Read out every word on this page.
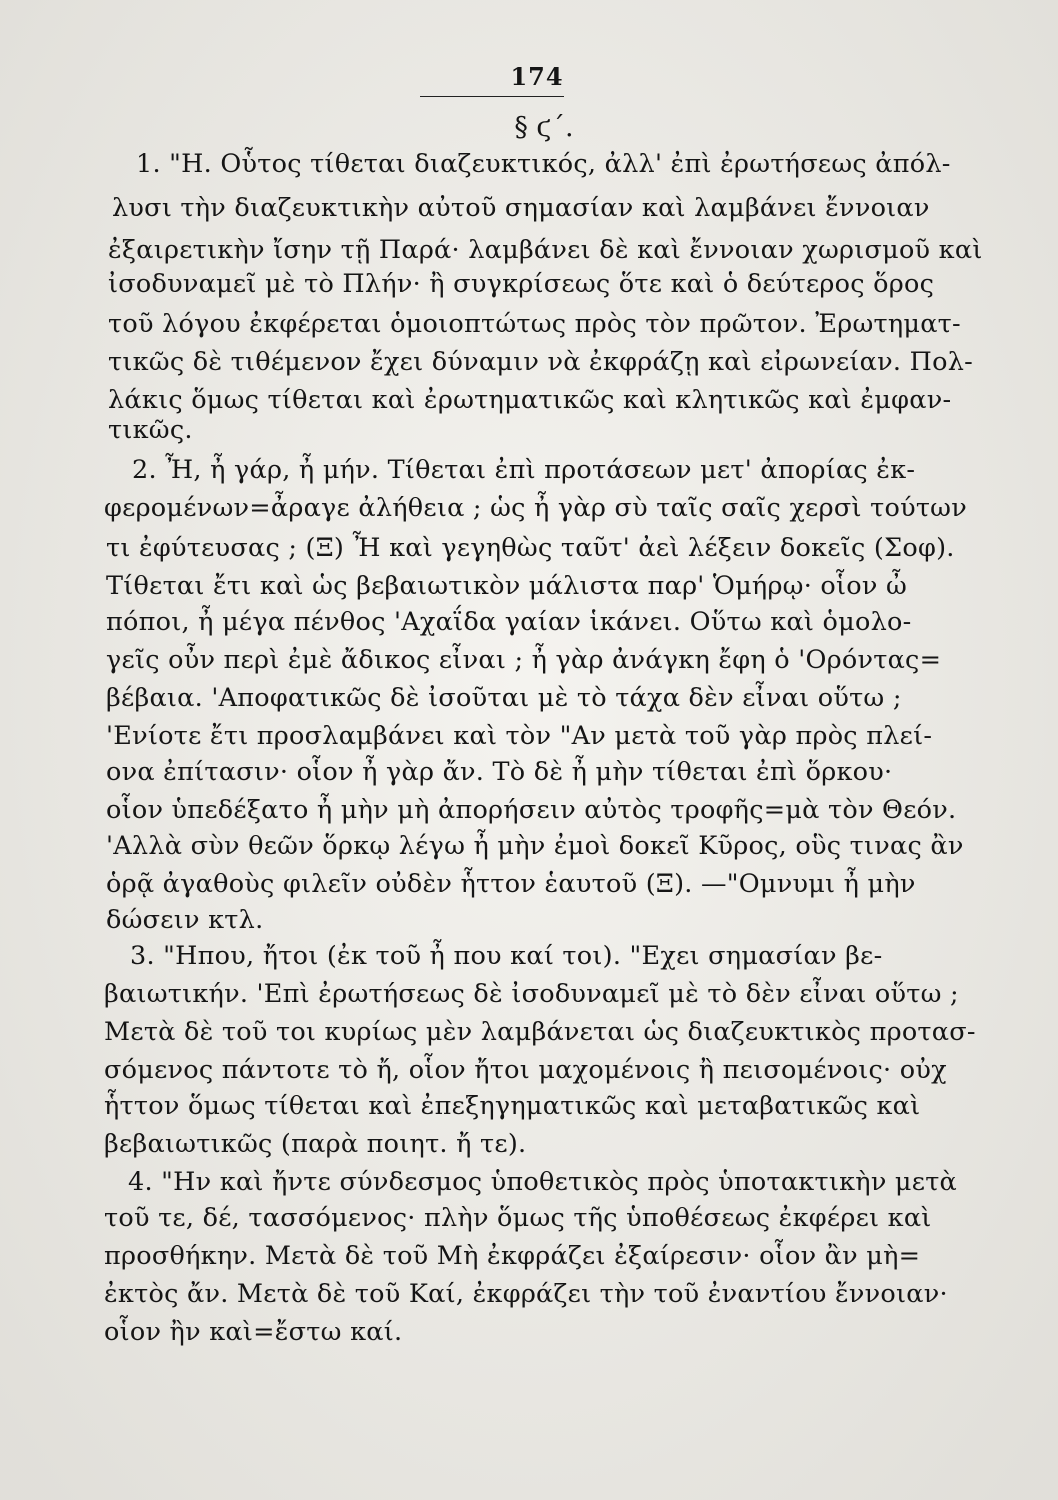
174
§ ϛ΄.
1. "Η. Οὗτος τίθεται διαζευκτικός, ἀλλ' ἐπὶ ἐρωτήσεως ἀπόλ-
λυσι τὴν διαζευκτικὴν αὐτοῦ σημασίαν καὶ λαμβάνει ἔννοιαν
ἐξαιρετικὴν ἴσην τῇ Παρά· λαμβάνει δὲ καὶ ἔννοιαν χωρισμοῦ καὶ
ἰσοδυναμεῖ μὲ τὸ Πλήν· ἢ συγκρίσεως ὅτε καὶ ὁ δεύτερος ὅρος
τοῦ λόγου ἐκφέρεται ὁμοιοπτώτως πρὸς τὸν πρῶτον. Ἐρωτηματ-
τικῶς δὲ τιθέμενον ἔχει δύναμιν νὰ ἐκφράζῃ καὶ εἰρωνείαν. Πολ-
λάκις ὅμως τίθεται καὶ ἐρωτηματικῶς καὶ κλητικῶς καὶ ἐμφαν-
τικῶς.
2. Ἦ, ἦ γάρ, ἦ μήν. Τίθεται ἐπὶ προτάσεων μετ' ἀπορίας ἐκ-
φερομένων=ἆραγε ἀλήθεια ; ὡς ἦ γὰρ σὺ ταῖς σαῖς χερσὶ τούτων
τι ἐφύτευσας ; (Ξ) Ἦ καὶ γεγηθὼς ταῦτ' ἀεὶ λέξειν δοκεῖς (Σοφ).
Τίθεται ἔτι καὶ ὡς βεβαιωτικὸν μάλιστα παρ' Ὁμήρῳ· οἷον ὦ
πόποι, ἦ μέγα πένθος 'Αχαΐδα γαίαν ἱκάνει. Οὕτω καὶ ὁμολο-
γεῖς οὖν περὶ ἐμὲ ἄδικος εἶναι ; ἦ γὰρ ἀνάγκη ἔφη ὁ 'Ορόντας=
βέβαια. 'Αποφατικῶς δὲ ἰσοῦται μὲ τὸ τάχα δὲν εἶναι οὕτω ;
'Ενίοτε ἔτι προσλαμβάνει καὶ τὸν "Αν μετὰ τοῦ γὰρ πρὸς πλεί-
ονα ἐπίτασιν· οἷον ἦ γὰρ ἄν. Τὸ δὲ ἦ μὴν τίθεται ἐπὶ ὅρκου·
οἷον ὑπεδέξατο ἦ μὴν μὴ ἀπορήσειν αὐτὸς τροφῆς=μὰ τὸν Θεόν.
'Αλλὰ σὺν θεῶν ὅρκῳ λέγω ἦ μὴν ἐμοὶ δοκεῖ Κῦρος, οὓς τινας ἂν
ὁρᾷ ἀγαθοὺς φιλεῖν οὐδὲν ἧττον ἑαυτοῦ (Ξ). —"Ομνυμι ἦ μὴν
δώσειν κτλ.
3. "Ηπου, ἤτοι (ἐκ τοῦ ἦ που καί τοι). "Εχει σημασίαν βε-
βαιωτικήν. 'Επὶ ἐρωτήσεως δὲ ἰσοδυναμεῖ μὲ τὸ δὲν εἶναι οὕτω ;
Μετὰ δὲ τοῦ τοι κυρίως μὲν λαμβάνεται ὡς διαζευκτικὸς προτασ-
σόμενος πάντοτε τὸ ἤ, οἷον ἤτοι μαχομένοις ἢ πεισομένοις· οὐχ
ἧττον ὅμως τίθεται καὶ ἐπεξηγηματικῶς καὶ μεταβατικῶς καὶ
βεβαιωτικῶς (παρὰ ποιητ. ἤ τε).
4. "Ην καὶ ἤντε σύνδεσμος ὑποθετικὸς πρὸς ὑποτακτικὴν μετὰ
τοῦ τε, δέ, τασσόμενος· πλὴν ὅμως τῆς ὑποθέσεως ἐκφέρει καὶ
προσθήκην. Μετὰ δὲ τοῦ Μὴ ἐκφράζει ἐξαίρεσιν· οἷον ἂν μὴ=
ἐκτὸς ἄν. Μετὰ δὲ τοῦ Καί, ἐκφράζει τὴν τοῦ ἐναντίου ἔννοιαν·
οἷον ἢν καὶ=ἔστω καί.
